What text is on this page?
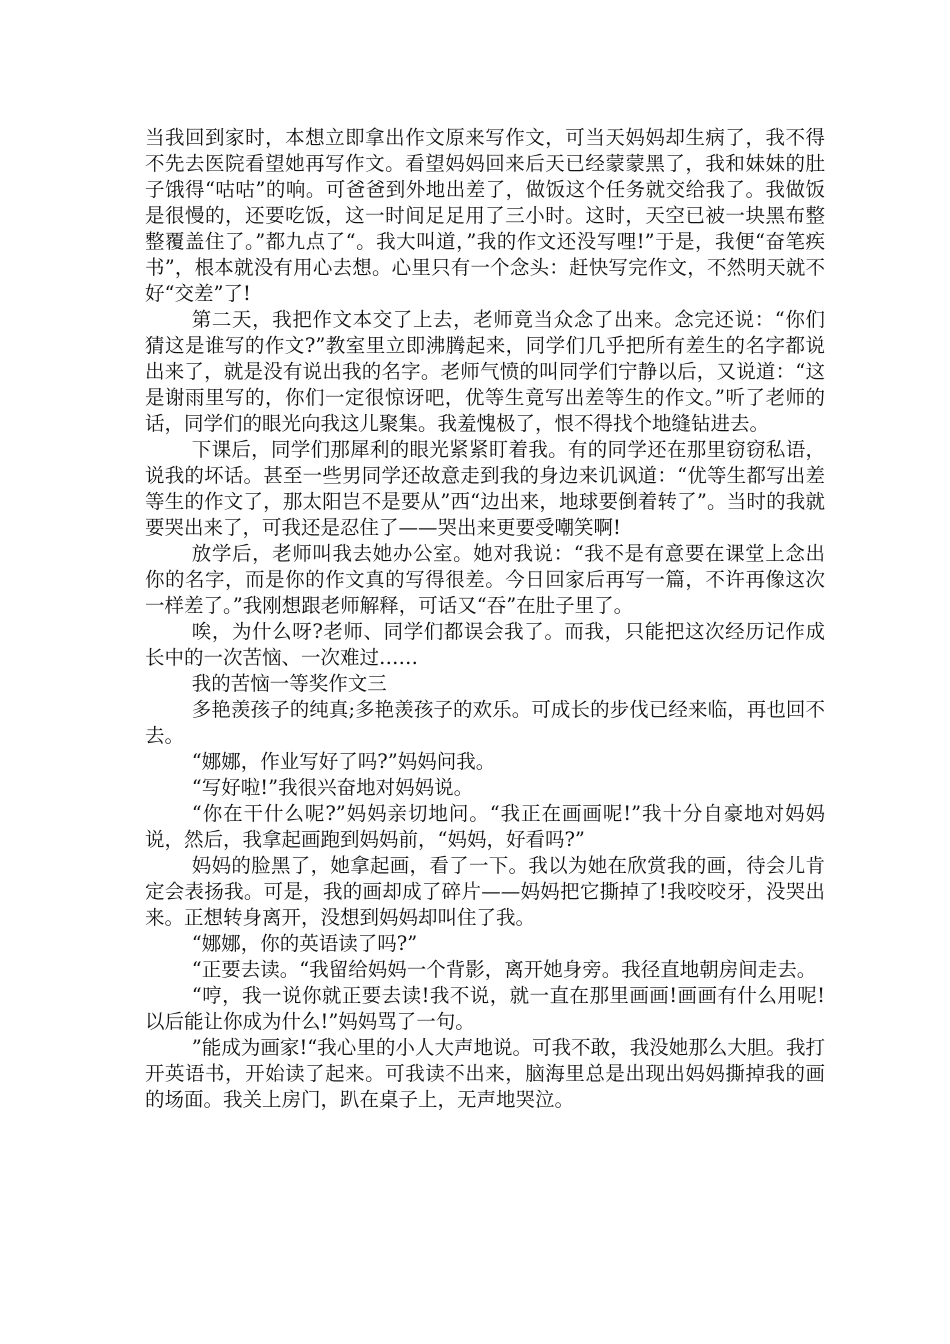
当我回到家时，本想立即拿出作文原来写作文，可当天妈妈却生病了，我不得不先去医院看望她再写作文。看望妈妈回来后天已经蒙蒙黑了，我和妹妹的肚子饿得“咕咕”的响。可爸爸到外地出差了，做饭这个任务就交给我了。我做饭是很慢的，还要吃饭，这一时间足足用了三小时。这时，天空已被一块黑布整整覆盖住了。”都九点了“。我大叫道，”我的作文还没写哩!”于是，我便“奋笔疾书”，根本就没有用心去想。心里只有一个念头：赶快写完作文，不然明天就不好“交差”了!

第二天，我把作文本交了上去，老师竟当众念了出来。念完还说：“你们猜这是谁写的作文?”教室里立即沸腾起来，同学们几乎把所有差生的名字都说出来了，就是没有说出我的名字。老师气愤的叫同学们宁静以后，又说道：“这是谢雨里写的，你们一定很惊讶吧，优等生竟写出差等生的作文。”听了老师的话，同学们的眼光向我这儿聚集。我羞愧极了，恨不得找个地缝钻进去。

下课后，同学们那犀利的眼光紧紧盯着我。有的同学还在那里窃窃私语，说我的坏话。甚至一些男同学还故意走到我的身边来讥讽道：“优等生都写出差等生的作文了，那太阳岂不是要从”西“边出来，地球要倒着转了”。当时的我就要哭出来了，可我还是忍住了——哭出来更要受嘲笑啊!

放学后，老师叫我去她办公室。她对我说：“我不是有意要在课堂上念出你的名字，而是你的作文真的写得很差。今日回家后再写一篇，不许再像这次一样差了。”我刚想跟老师解释，可话又“吞”在肚子里了。

唉，为什么呀?老师、同学们都误会我了。而我，只能把这次经历记作成长中的一次苦恼、一次难过……

我的苦恼一等奖作文三

多艳羡孩子的纯真;多艳羡孩子的欢乐。可成长的步伐已经来临，再也回不去。

“娜娜，作业写好了吗?”妈妈问我。

“写好啦!”我很兴奋地对妈妈说。

“你在干什么呢?”妈妈亲切地问。“我正在画画呢!”我十分自豪地对妈妈说，然后，我拿起画跑到妈妈前，“妈妈，好看吗?”

妈妈的脸黑了，她拿起画，看了一下。我以为她在欣赏我的画，待会儿肯定会表扬我。可是，我的画却成了碎片——妈妈把它撕掉了!我咬咬牙，没哭出来。正想转身离开，没想到妈妈却叫住了我。

“娜娜，你的英语读了吗?”

“正要去读。“我留给妈妈一个背影，离开她身旁。我径直地朝房间走去。

“哼，我一说你就正要去读!我不说，就一直在那里画画!画画有什么用呢!以后能让你成为什么!”妈妈骂了一句。

”能成为画家!“我心里的小人大声地说。可我不敢，我没她那么大胆。我打开英语书，开始读了起来。可我读不出来，脑海里总是出现出妈妈撕掉我的画的场面。我关上房门，趴在桌子上，无声地哭泣。
